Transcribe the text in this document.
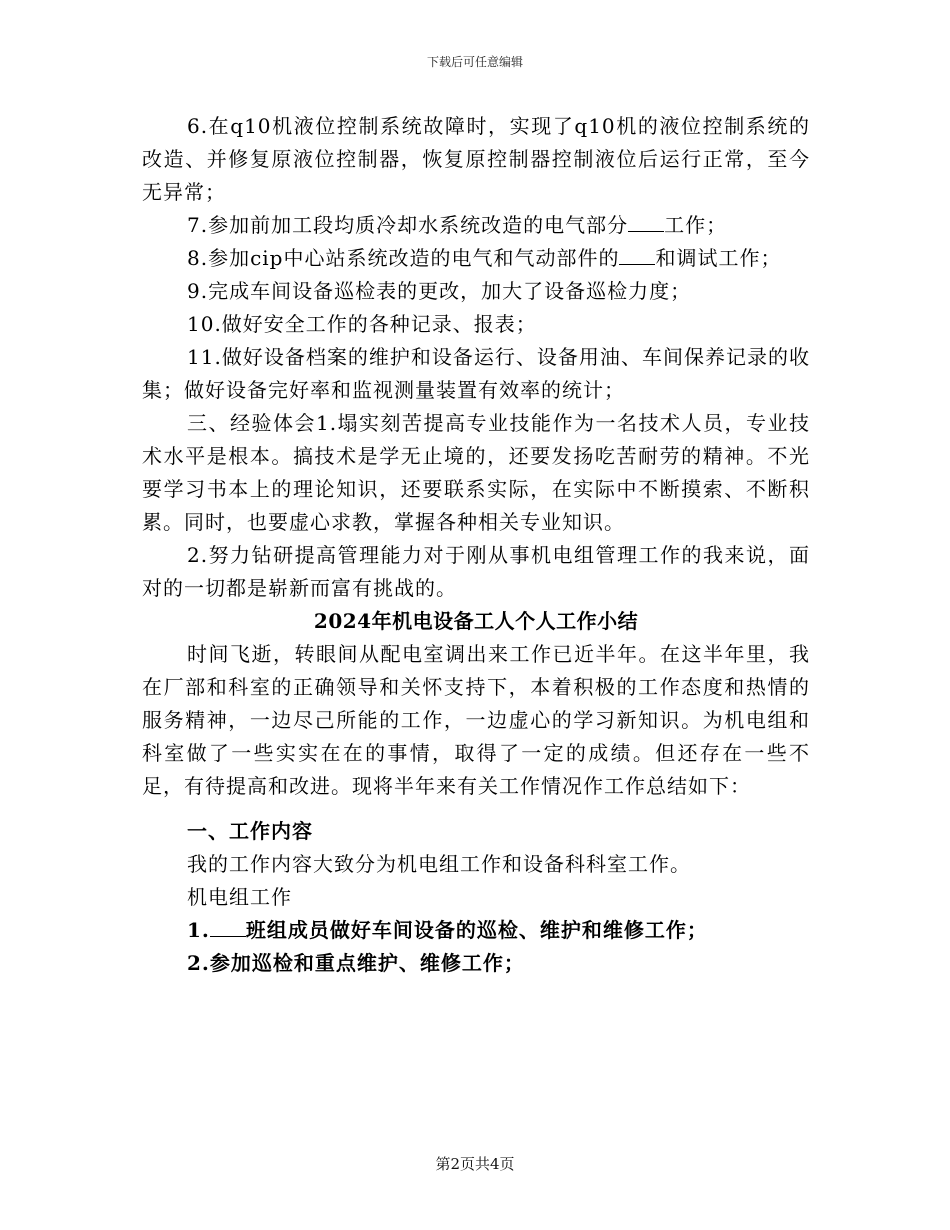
下载后可任意编辑

6.在q10机液位控制系统故障时，实现了q10机的液位控制系统的改造、并修复原液位控制器，恢复原控制器控制液位后运行正常，至今无异常；

7.参加前加工段均质冷却水系统改造的电气部分 工作；

8.参加cip中心站系统改造的电气和气动部件的 和调试工作；

9.完成车间设备巡检表的更改，加大了设备巡检力度；

10.做好安全工作的各种记录、报表；

11.做好设备档案的维护和设备运行、设备用油、车间保养记录的收集；做好设备完好率和监视测量装置有效率的统计；

三、经验体会1.塌实刻苦提高专业技能作为一名技术人员，专业技术水平是根本。搞技术是学无止境的，还要发扬吃苦耐劳的精神。不光要学习书本上的理论知识，还要联系实际，在实际中不断摸索、不断积累。同时，也要虚心求教，掌握各种相关专业知识。

2.努力钻研提高管理能力对于刚从事机电组管理工作的我来说，面对的一切都是崭新而富有挑战的。

2024年机电设备工人个人工作小结

时间飞逝，转眼间从配电室调出来工作已近半年。在这半年里，我在厂部和科室的正确领导和关怀支持下，本着积极的工作态度和热情的服务精神，一边尽己所能的工作，一边虚心的学习新知识。为机电组和科室做了一些实实在在的事情，取得了一定的成绩。但还存在一些不足，有待提高和改进。现将半年来有关工作情况作工作总结如下：

一、工作内容

我的工作内容大致分为机电组工作和设备科科室工作。

机电组工作

1. 班组成员做好车间设备的巡检、维护和维修工作；

2.参加巡检和重点维护、维修工作；

第2页共4页
